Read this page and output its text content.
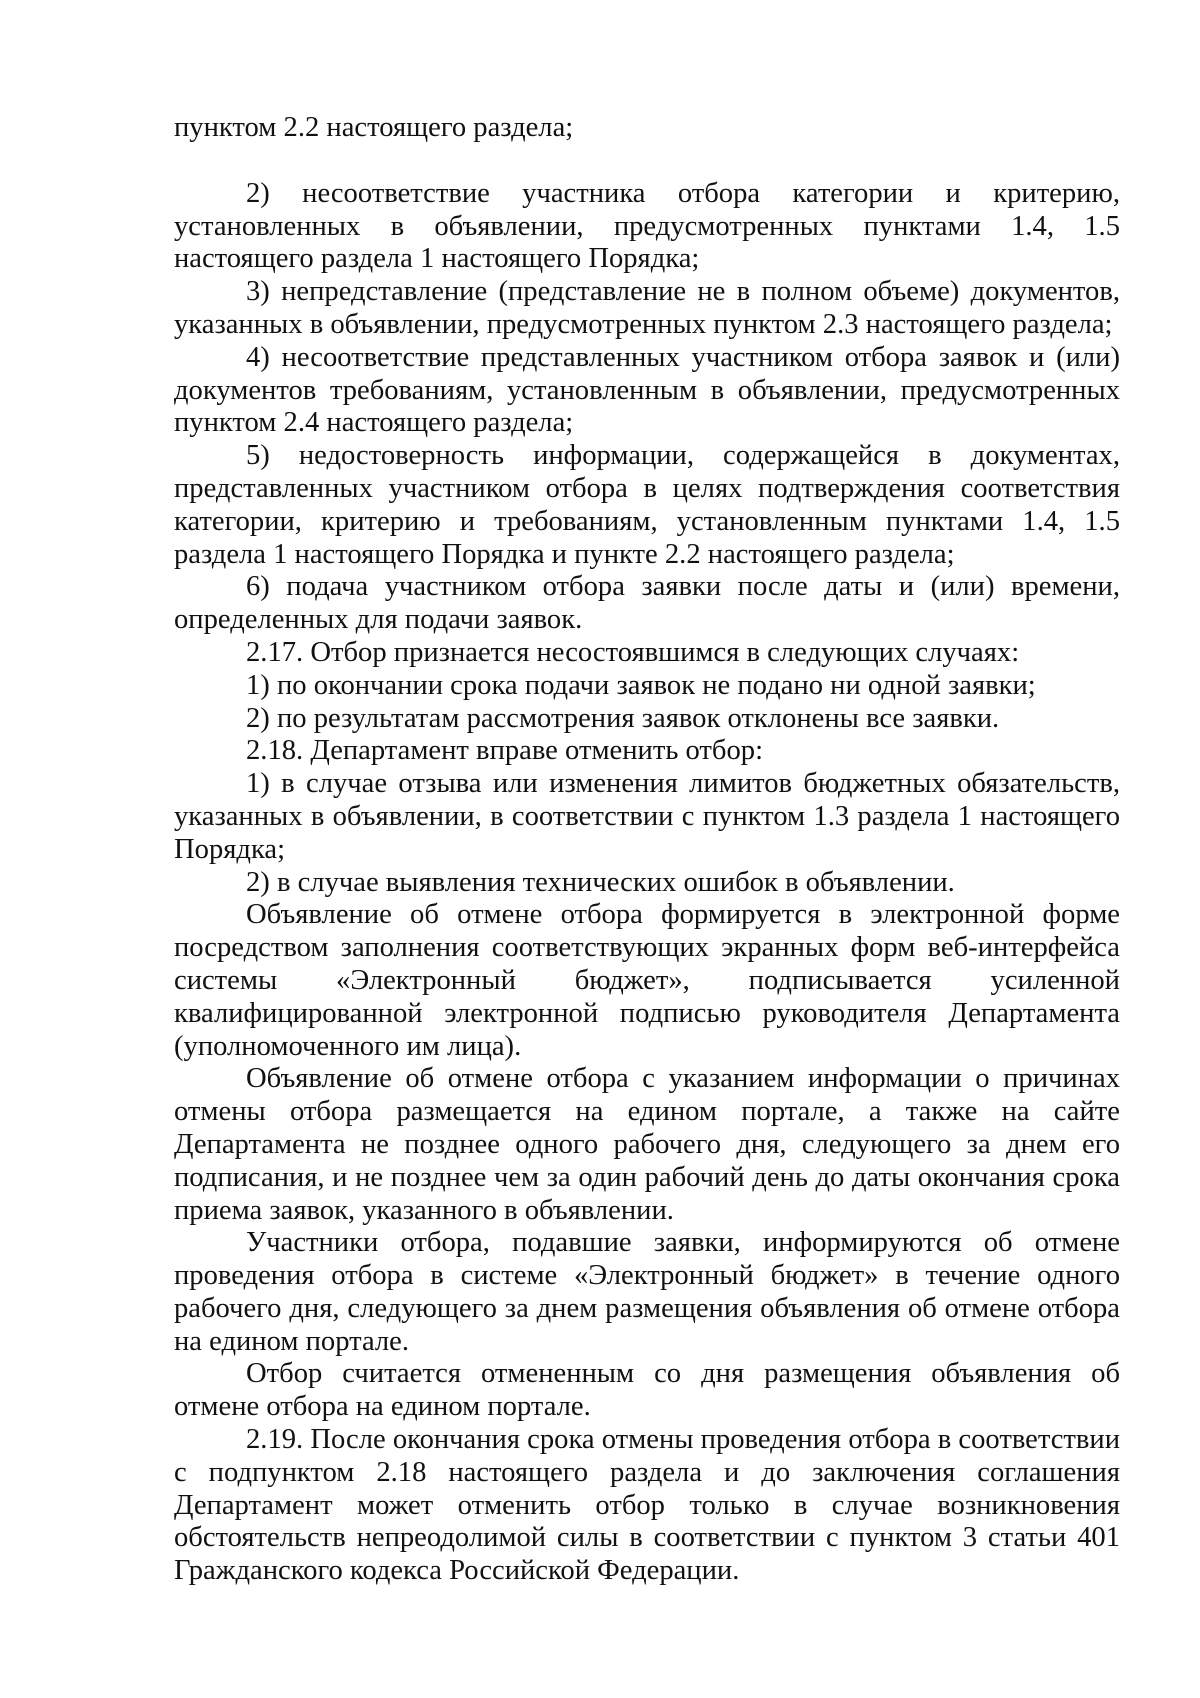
пунктом 2.2 настоящего раздела;

2) несоответствие участника отбора категории и критерию, установленных в объявлении, предусмотренных пунктами 1.4, 1.5 настоящего раздела 1 настоящего Порядка;

3) непредставление (представление не в полном объеме) документов, указанных в объявлении, предусмотренных пунктом 2.3 настоящего раздела;

4) несоответствие представленных участником отбора заявок и (или) документов требованиям, установленным в объявлении, предусмотренных пунктом 2.4 настоящего раздела;

5) недостоверность информации, содержащейся в документах, представленных участником отбора в целях подтверждения соответствия категории, критерию и требованиям, установленным пунктами 1.4, 1.5 раздела 1 настоящего Порядка и пункте 2.2 настоящего раздела;

6) подача участником отбора заявки после даты и (или) времени, определенных для подачи заявок.

2.17. Отбор признается несостоявшимся в следующих случаях:

1) по окончании срока подачи заявок не подано ни одной заявки;

2) по результатам рассмотрения заявок отклонены все заявки.

2.18. Департамент вправе отменить отбор:

1) в случае отзыва или изменения лимитов бюджетных обязательств, указанных в объявлении, в соответствии с пунктом 1.3 раздела 1 настоящего Порядка;

2) в случае выявления технических ошибок в объявлении.

Объявление об отмене отбора формируется в электронной форме посредством заполнения соответствующих экранных форм веб-интерфейса системы «Электронный бюджет», подписывается усиленной квалифицированной электронной подписью руководителя Департамента (уполномоченного им лица).

Объявление об отмене отбора с указанием информации о причинах отмены отбора размещается на едином портале, а также на сайте Департамента не позднее одного рабочего дня, следующего за днем его подписания, и не позднее чем за один рабочий день до даты окончания срока приема заявок, указанного в объявлении.

Участники отбора, подавшие заявки, информируются об отмене проведения отбора в системе «Электронный бюджет» в течение одного рабочего дня, следующего за днем размещения объявления об отмене отбора на едином портале.

Отбор считается отмененным со дня размещения объявления об отмене отбора на едином портале.

2.19. После окончания срока отмены проведения отбора в соответствии с подпунктом 2.18 настоящего раздела и до заключения соглашения Департамент может отменить отбор только в случае возникновения обстоятельств непреодолимой силы в соответствии с пунктом 3 статьи 401 Гражданского кодекса Российской Федерации.
